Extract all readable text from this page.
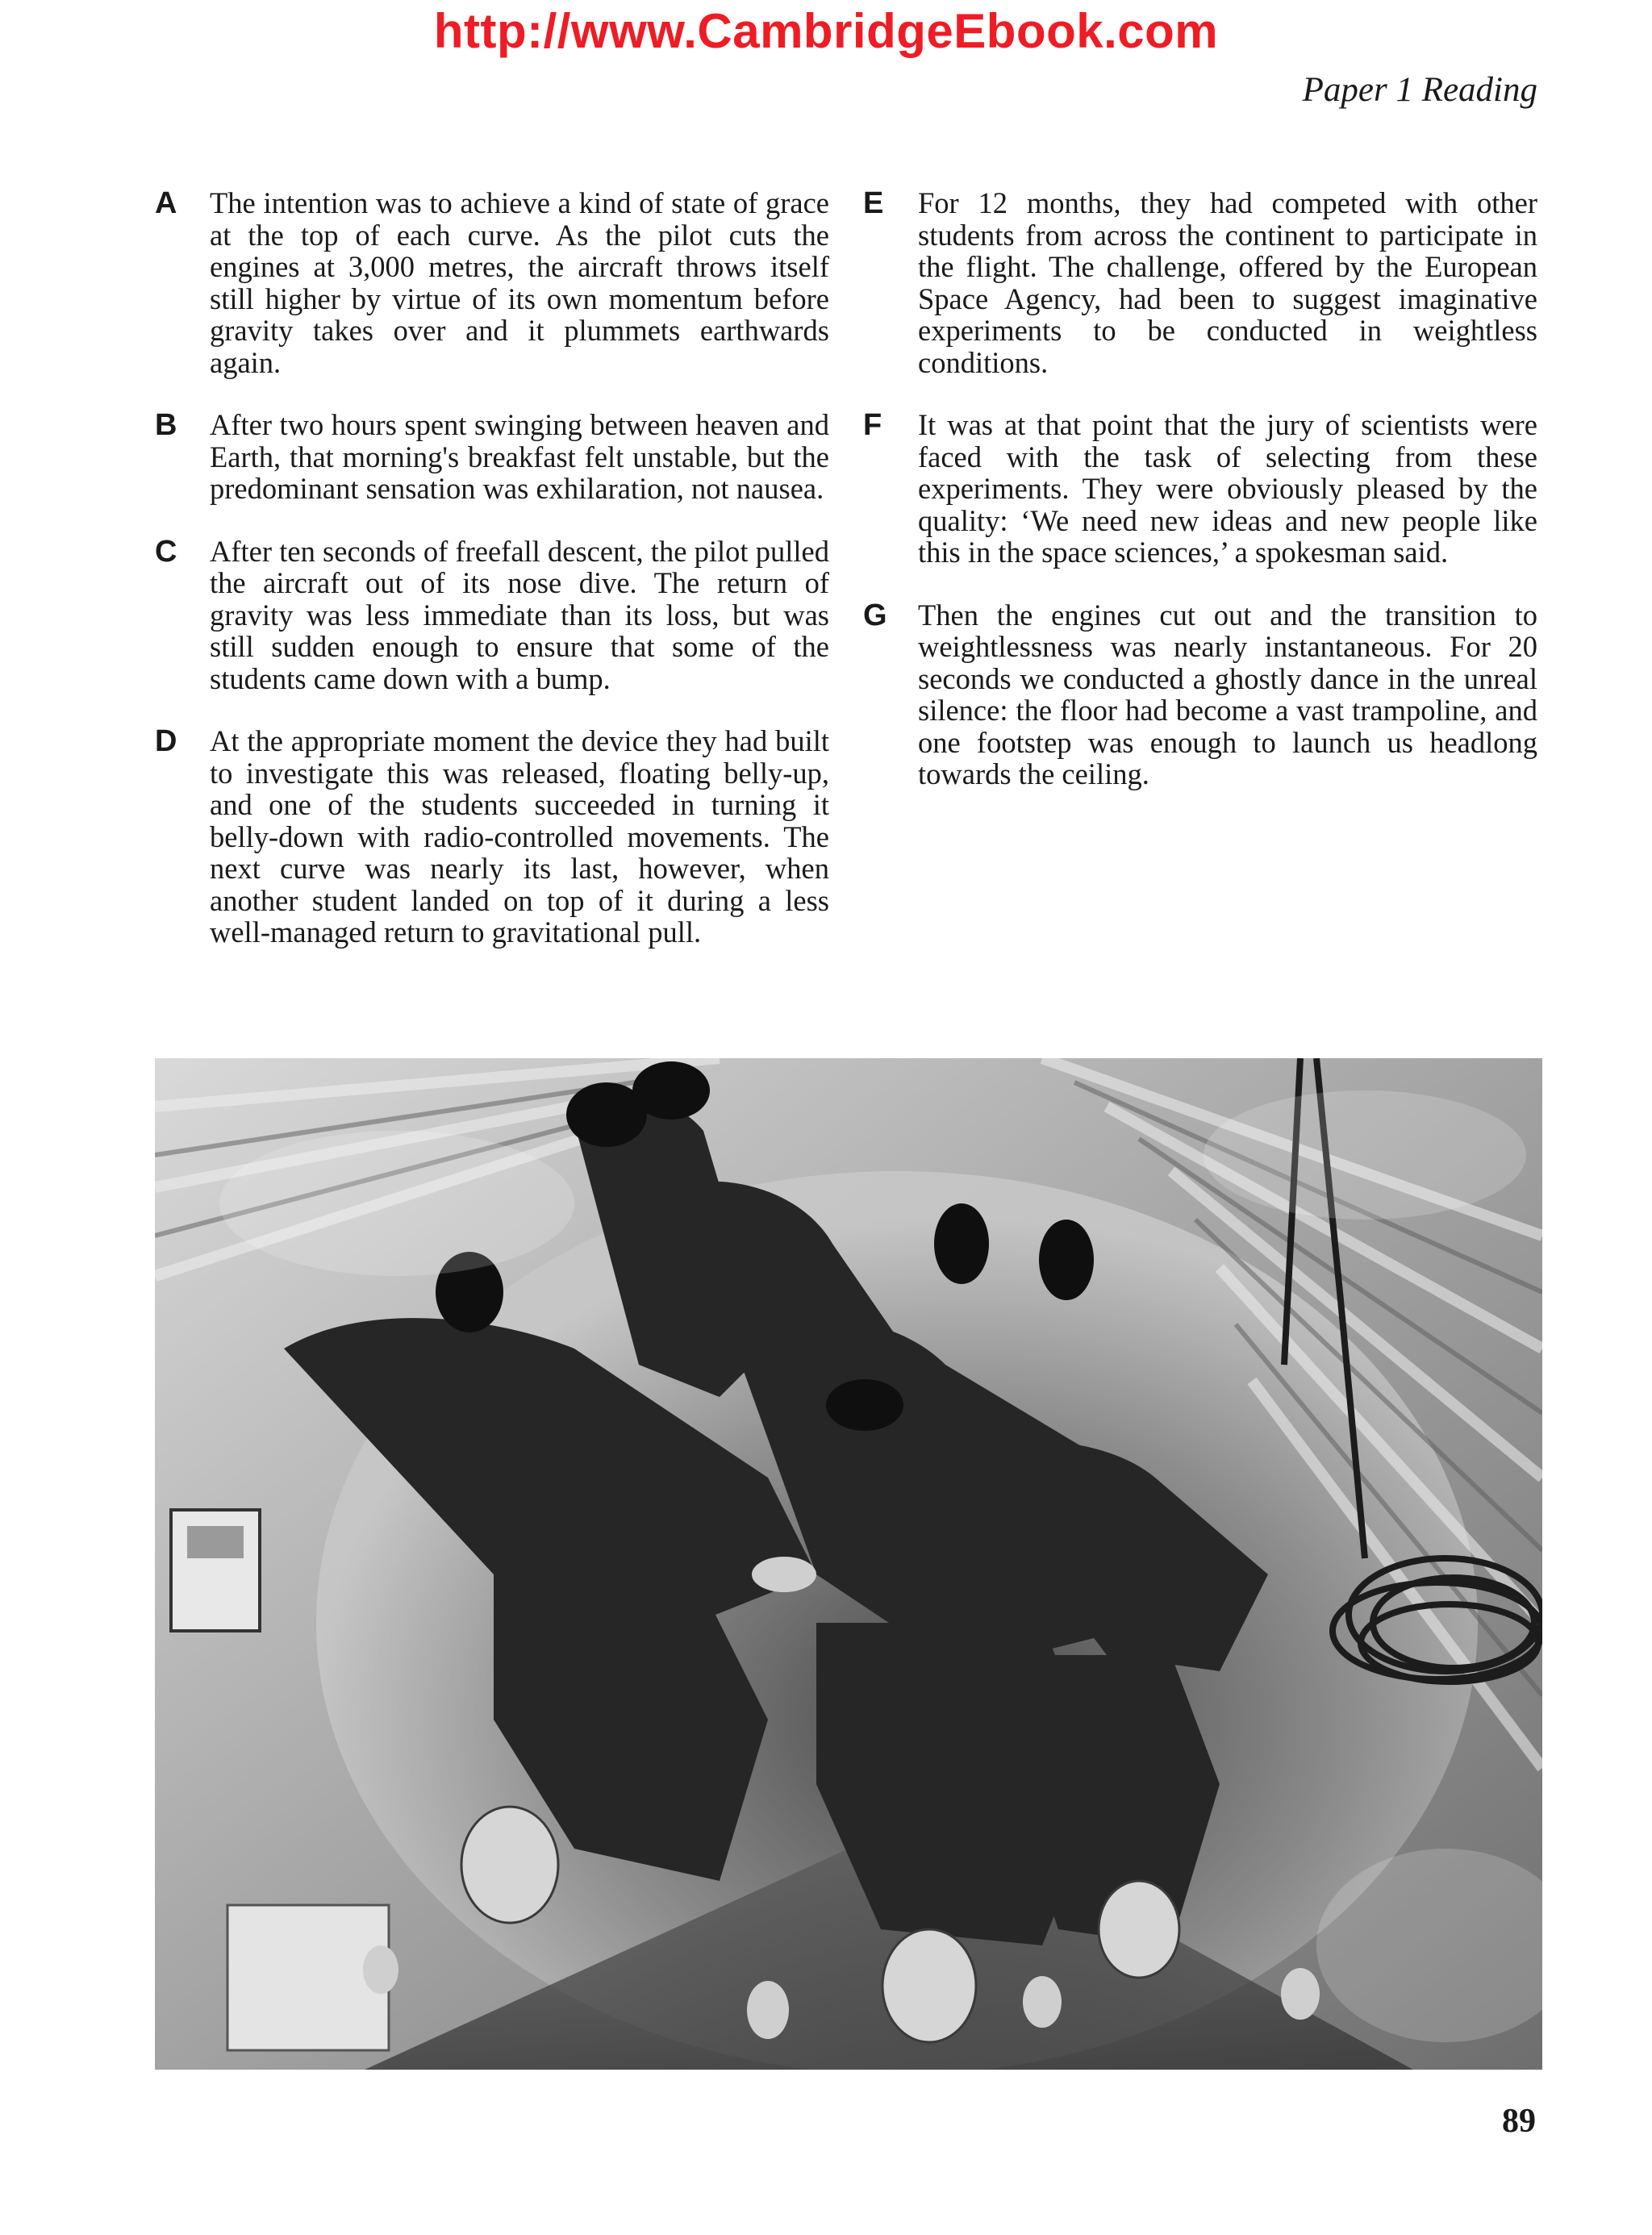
http://www.CambridgeEbook.com
Paper 1 Reading
A The intention was to achieve a kind of state of grace at the top of each curve. As the pilot cuts the engines at 3,000 metres, the aircraft throws itself still higher by virtue of its own momentum before gravity takes over and it plummets earthwards again.
B After two hours spent swinging between heaven and Earth, that morning's breakfast felt unstable, but the predominant sensation was exhilaration, not nausea.
C After ten seconds of freefall descent, the pilot pulled the aircraft out of its nose dive. The return of gravity was less immediate than its loss, but was still sudden enough to ensure that some of the students came down with a bump.
D At the appropriate moment the device they had built to investigate this was released, floating belly-up, and one of the students succeeded in turning it belly-down with radio-controlled movements. The next curve was nearly its last, however, when another student landed on top of it during a less well-managed return to gravitational pull.
E For 12 months, they had competed with other students from across the continent to participate in the flight. The challenge, offered by the European Space Agency, had been to suggest imaginative experiments to be conducted in weightless conditions.
F It was at that point that the jury of scientists were faced with the task of selecting from these experiments. They were obviously pleased by the quality: ‘We need new ideas and new people like this in the space sciences,’ a spokesman said.
G Then the engines cut out and the transition to weightlessness was nearly instantaneous. For 20 seconds we conducted a ghostly dance in the unreal silence: the floor had become a vast trampoline, and one footstep was enough to launch us headlong towards the ceiling.
89
